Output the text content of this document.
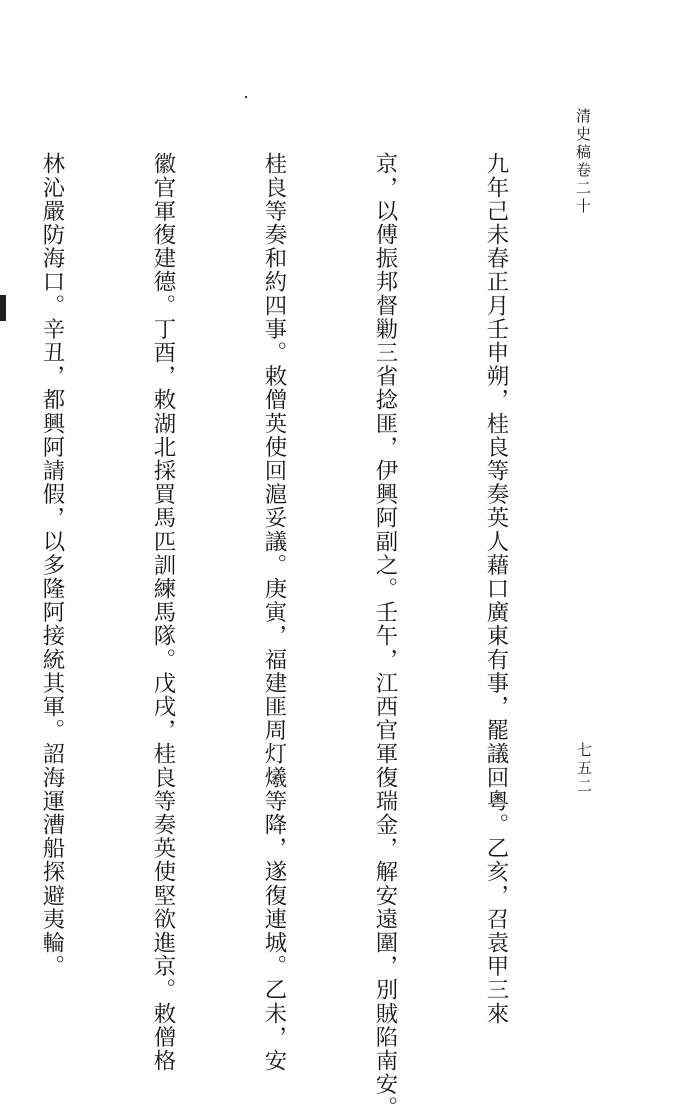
清史稿卷二十
七五二

九年己未春正月壬申朔，桂良等奏英人藉口廣東有事，罷議回粵。乙亥，召袁甲三來

京，以傅振邦督勦三省捻匪，伊興阿副之。壬午，江西官軍復瑞金，解安遠圍，別賊陷南安。

桂良等奏和約四事。敕僧英使回滬妥議。庚寅，福建匪周灯爔等降，遂復連城。乙未，安

徽官軍復建德。丁酉，敕湖北採買馬匹訓練馬隊。戊戌，桂良等奏英使堅欲進京。敕僧格

林沁嚴防海口。辛丑，都興阿請假，以多隆阿接統其軍。詔海運漕船探避夷輪。
